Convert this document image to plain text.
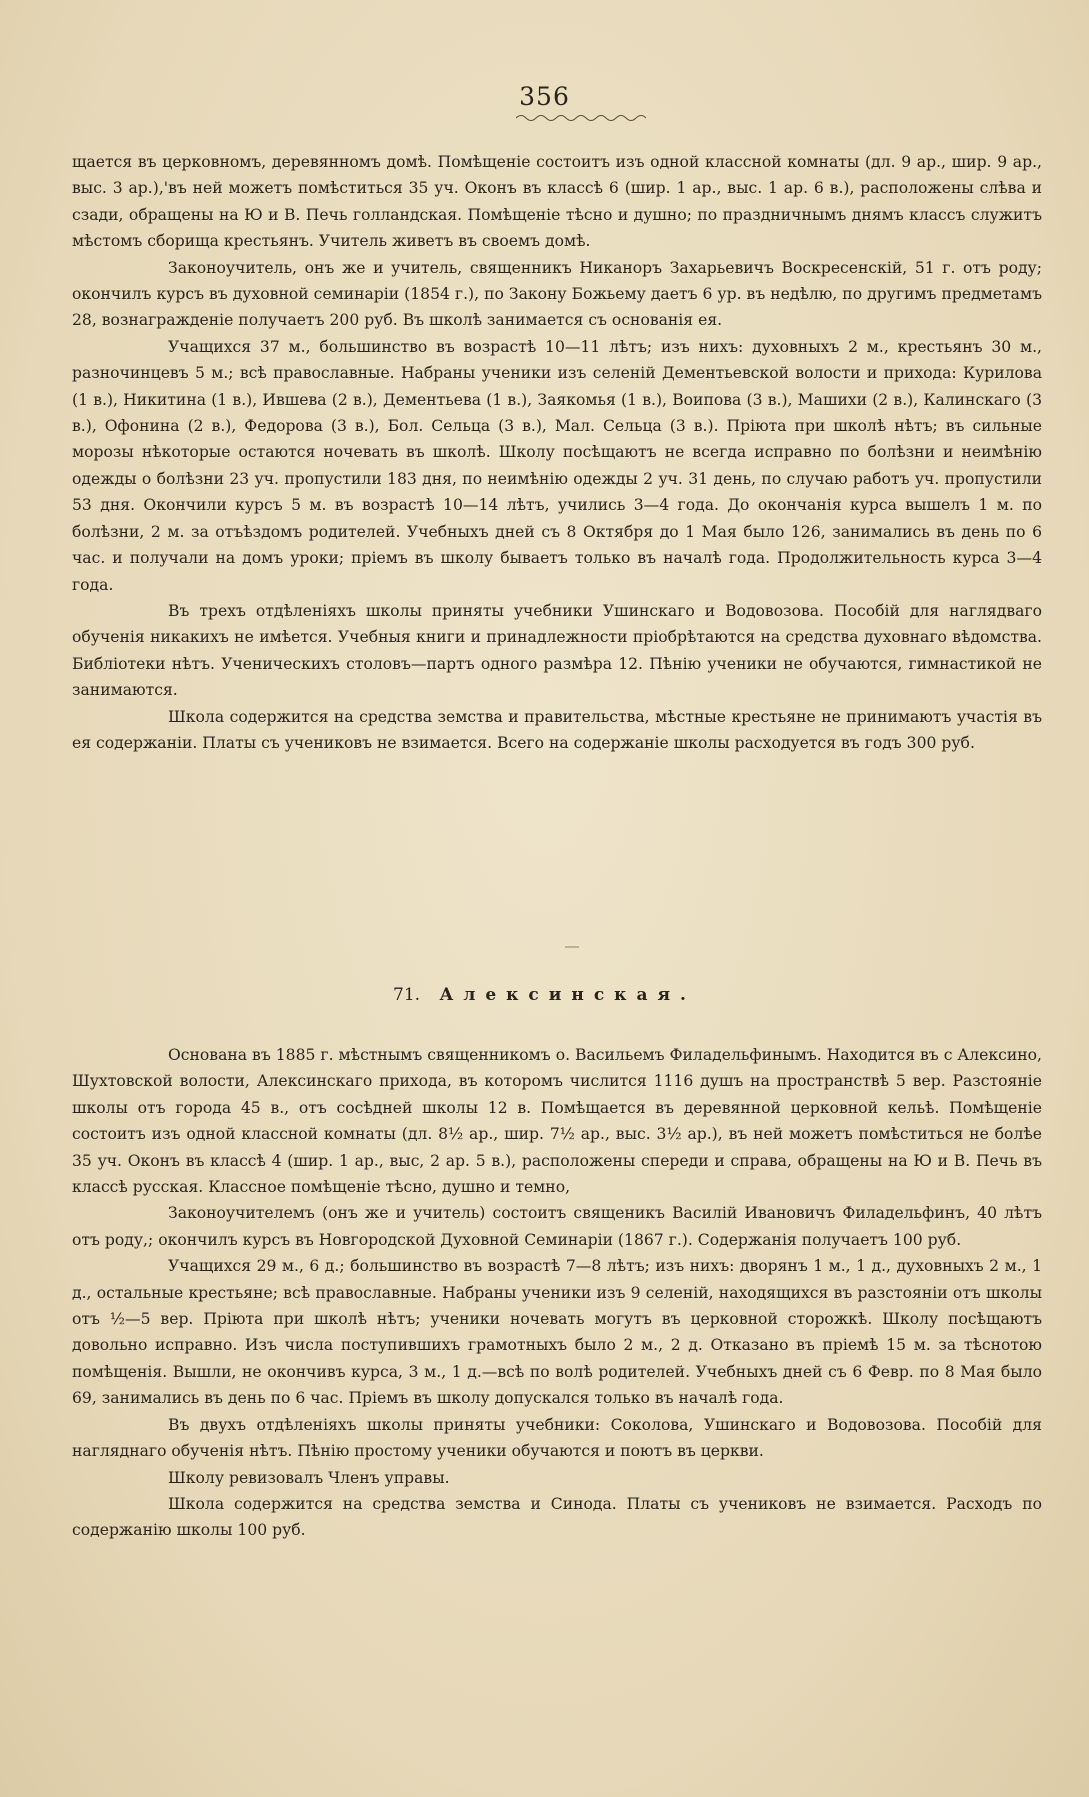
356

щается въ церковномъ, деревянномъ домѣ. Помѣщеніе состоитъ изъ одной классной комнаты (дл. 9 ар., шир. 9 ар., выс. 3 ар.),'въ ней можетъ помѣститься 35 уч. Оконъ въ классѣ 6 (шир. 1 ар., выс. 1 ар. 6 в.), расположены слѣва и сзади, обращены на Ю и В. Печь голландская. Помѣщеніе тѣсно и душно; по праздничнымъ днямъ классъ служитъ мѣстомъ сборища крестьянъ. Учитель живетъ въ своемъ домѣ.

Законоучитель, онъ же и учитель, священникъ Никаноръ Захарьевичъ Воскресенскій, 51 г. отъ роду; окончилъ курсъ въ духовной семинаріи (1854 г.), по Закону Божьему даетъ 6 ур. въ недѣлю, по другимъ предметамъ 28, вознагражденіе получаетъ 200 руб. Въ школѣ занимается съ основанія ея.

Учащихся 37 м., большинство въ возрастѣ 10—11 лѣтъ; изъ нихъ: духовныхъ 2 м., крестьянъ 30 м., разночинцевъ 5 м.; всѣ православные. Набраны ученики изъ селеній Дементьевской волости и прихода: Курилова (1 в.), Никитина (1 в.), Ившева (2 в.), Дементьева (1 в.), Заякомья (1 в.), Воипова (3 в.), Машихи (2 в.), Калинскаго (3 в.), Офонина (2 в.), Федорова (3 в.), Бол. Сельца (3 в.), Мал. Сельца (3 в.). Пріюта при школѣ нѣтъ; въ сильные морозы нѣкоторые остаются ночевать въ школѣ. Школу посѣщаютъ не всегда исправно по болѣзни и неимѣнію одежды о болѣзни 23 уч. пропустили 183 дня, по неимѣнію одежды 2 уч. 31 день, по случаю работъ уч. пропустили 53 дня. Окончили курсъ 5 м. въ возрастѣ 10—14 лѣтъ, учились 3—4 года. До окончанія курса вышелъ 1 м. по болѣзни, 2 м. за отъѣздомъ родителей. Учебныхъ дней съ 8 Октября до 1 Мая было 126, занимались въ день по 6 час. и получали на домъ уроки; пріемъ въ школу бываетъ только въ началѣ года. Продолжительность курса 3—4 года.

Въ трехъ отдѣленіяхъ школы приняты учебники Ушинскаго и Водовозова. Пособій для наглядваго обученія никакихъ не имѣется. Учебныя книги и принадлежности пріобрѣтаются на средства духовнаго вѣдомства. Библіотеки нѣтъ. Ученическихъ столовъ—партъ одного размѣра 12. Пѣнію ученики не обучаются, гимнастикой не занимаются.

Школа содержится на средства земства и правительства, мѣстные крестьяне не принимаютъ участія въ ея содержаніи. Платы съ учениковъ не взимается. Всего на содержаніе школы расходуется въ годъ 300 руб.

71. Алексинская.

Основана въ 1885 г. мѣстнымъ священникомъ о. Васильемъ Филадельфинымъ. Находится въ с Алексино, Шухтовской волости, Алексинскаго прихода, въ которомъ числится 1116 душъ на пространствѣ 5 вер. Разстояніе школы отъ города 45 в., отъ сосѣдней школы 12 в. Помѣщается въ деревянной церковной кельѣ. Помѣщеніе состоитъ изъ одной классной комнаты (дл. 8½ ар., шир. 7½ ар., выс. 3½ ар.), въ ней можетъ помѣститься не болѣе 35 уч. Оконъ въ классѣ 4 (шир. 1 ар., выс, 2 ар. 5 в.), расположены спереди и справа, обращены на Ю и В. Печь въ классѣ русская. Классное помѣщеніе тѣсно, душно и темно,

Законоучителемъ (онъ же и учитель) состоитъ священикъ Василій Ивановичъ Филадельфинъ, 40 лѣтъ отъ роду,; окончилъ курсъ въ Новгородской Духовной Семинаріи (1867 г.). Содержанія получаетъ 100 руб.

Учащихся 29 м., 6 д.; большинство въ возрастѣ 7—8 лѣтъ; изъ нихъ: дворянъ 1 м., 1 д., духовныхъ 2 м., 1 д., остальные крестьяне; всѣ православные. Набраны ученики изъ 9 селеній, находящихся въ разстояніи отъ школы отъ ½—5 вер. Пріюта при школѣ нѣтъ; ученики ночевать могутъ въ церковной сторожкѣ. Школу посѣщаютъ довольно исправно. Изъ числа поступившихъ грамотныхъ было 2 м., 2 д. Отказано въ пріемѣ 15 м. за тѣснотою помѣщенія. Вышли, не окончивъ курса, 3 м., 1 д.—всѣ по волѣ родителей. Учебныхъ дней съ 6 Февр. по 8 Мая было 69, занимались въ день по 6 час. Пріемъ въ школу допускался только въ началѣ года.

Въ двухъ отдѣленіяхъ школы приняты учебники: Соколова, Ушинскаго и Водовозова. Пособій для нагляднаго обученія нѣтъ. Пѣнію простому ученики обучаются и поютъ въ церкви.

Школу ревизовалъ Членъ управы.

Школа содержится на средства земства и Синода. Платы съ учениковъ не взимается. Расходъ по содержанію школы 100 руб.
